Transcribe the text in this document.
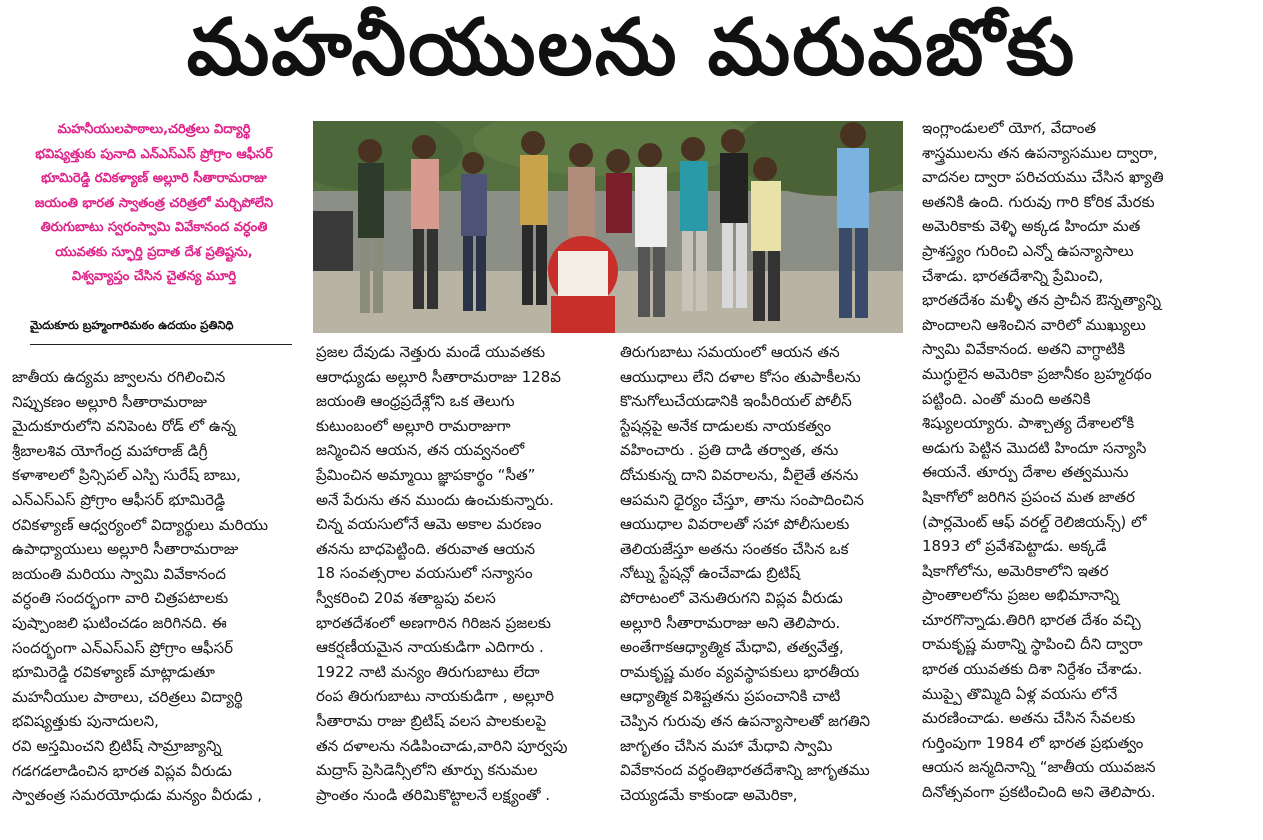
మహనీయులను మరువబోకు
మహనీయులపాఠాలు,చరిత్రలు విద్యార్థి
భవిష్యత్తుకు పునాది ఎన్ఎస్ఎస్ ప్రోగ్రాం ఆఫీసర్
భూమిరెడ్డి రవికళ్యాణ్ అల్లూరి సీతారామరాజు
జయంతి భారత స్వాతంత్ర చరిత్రలో మర్చిపోలేని
తిరుగుబాటు స్వరంస్వామి వివేకానంద వర్ధంతి
యువతకు స్ఫూర్తి ప్రదాత దేశ ప్రతిష్టను,
విశ్వవ్యాప్తం చేసిన చైతన్య మూర్తి
మైదుకూరు బ్రహ్మంగారిమఠం ఉదయం ప్రతినిధి

జాతీయ ఉద్యమ జ్వాలను రగిలించిన

నిప్పుకణం అల్లూరి సీతారామరాజు

మైదుకూరులోని వనిపెంట రోడ్ లో ఉన్న

శ్రీబాలశివ యోగేంద్ర మహారాజ్ డిగ్రీ

కళాశాలలో ప్రిన్సిపల్ ఎస్పి సురేష్ బాబు,

ఎన్ఎస్ఎస్ ప్రోగ్రాం ఆఫీసర్ భూమిరెడ్డి

రవికళ్యాణ్ ఆధ్వర్యంలో విద్యార్థులు మరియు

ఉపాధ్యాయులు అల్లూరి సీతారామరాజు

జయంతి మరియు స్వామి వివేకానంద

వర్ధంతి సందర్భంగా వారి చిత్రపటాలకు

పుష్పాంజలి ఘటించడం జరిగినది. ఈ

సందర్భంగా ఎన్ఎస్ఎస్ ప్రోగ్రాం ఆఫీసర్

భూమిరెడ్డి రవికళ్యాణ్ మాట్లాడుతూ

మహనీయుల పాఠాలు, చరిత్రలు విద్యార్థి

భవిష్యత్తుకు పునాదులని,

రవి అస్తమించని బ్రిటిష్ సామ్రాజ్యాన్ని

గడగడలాడించిన భారత విప్లవ వీరుడు

స్వాతంత్ర సమరయోధుడు మన్యం వీరుడు ,

ప్రజల దేవుడు నెత్తురు మండే యువతకు

ఆరాధ్యుడు అల్లూరి సీతారామరాజు 128వ

జయంతి ఆంధ్రప్రదేశ్లోని ఒక తెలుగు

కుటుంబంలో అల్లూరి రామరాజుగా

జన్మించిన ఆయన, తన యవ్వనంలో

ప్రేమించిన అమ్మాయి జ్ఞాపకార్థం “సీత”

అనే పేరును తన ముందు ఉంచుకున్నారు.

చిన్న వయసులోనే ఆమె అకాల మరణం

తనను బాధపెట్టింది. తరువాత ఆయన

18 సంవత్సరాల వయసులో సన్యాసం

స్వీకరించి 20వ శతాబ్దపు వలస

భారతదేశంలో అణగారిన గిరిజన ప్రజలకు

ఆకర్షణీయమైన నాయకుడిగా ఎదిగారు .

1922 నాటి మన్యం తిరుగుబాటు లేదా

రంప తిరుగుబాటు నాయకుడిగా , అల్లూరి

సీతారామ రాజు బ్రిటిష్ వలస పాలకులపై

తన దళాలను నడిపించాడు,వారిని పూర్వపు

మద్రాస్ ప్రెసిడెన్సీలోని తూర్పు కనుమల

ప్రాంతం నుండి తరిమికొట్టాలనే లక్ష్యంతో .

తిరుగుబాటు సమయంలో ఆయన తన

ఆయుధాలు లేని దళాల కోసం తుపాకీలను

కొనుగోలుచేయడానికి ఇంపీరియల్ పోలీస్

స్టేషన్లపై అనేక దాడులకు నాయకత్వం

వహించారు . ప్రతి దాడి తర్వాత, తను

దోచుకున్న దాని వివరాలను, వీలైతే తనను

ఆపమని ధైర్యం చేస్తూ, తాను సంపాదించిన

ఆయుధాల వివరాలతో సహా పోలీసులకు

తెలియజేస్తూ అతను సంతకం చేసిన ఒక

నోట్ను స్టేషన్లో ఉంచేవాడు బ్రిటిష్

పోరాటంలో వెనుతిరుగని విప్లవ వీరుడు

అల్లూరి సీతారామరాజు అని తెలిపారు.

అంతేగాకఆధ్యాత్మిక మేధావి, తత్వవేత్త,

రామకృష్ణ మఠం వ్యవస్థాపకులు భారతీయ

ఆధ్యాత్మిక విశిష్టతను ప్రపంచానికి చాటి

చెప్పిన గురువు తన ఉపన్యాసాలతో జగతిని

జాగృతం చేసిన మహా మేధావి స్వామి

వివేకానంద వర్ధంతిభారతదేశాన్ని జాగృతము

చెయ్యడమే కాకుండా అమెరికా,

ఇంగ్లాండులలో యోగ, వేదాంత

శాస్త్రములను తన ఉపన్యాసముల ద్వారా,

వాదనల ద్వారా పరిచయము చేసిన ఖ్యాతి

అతనికి ఉంది. గురువు గారి కోరిక మేరకు

అమెరికాకు వెళ్ళి అక్కడ హిందూ మత

ప్రాశస్త్యం గురించి ఎన్నో ఉపన్యాసాలు

చేశాడు. భారతదేశాన్ని ప్రేమించి,

భారతదేశం మళ్ళీ తన ప్రాచీన ఔన్నత్యాన్ని

పొందాలని ఆశించిన వారిలో ముఖ్యులు

స్వామి వివేకానంద. అతని వాగ్ధాటికి

ముగ్ధులైన అమెరికా ప్రజానీకం బ్రహ్మరథం

పట్టింది. ఎంతో మంది అతనికి

శిష్యులయ్యారు. పాశ్చాత్య దేశాలలోకి

అడుగు పెట్టిన మొదటి హిందూ సన్యాసి

ఈయనే. తూర్పు దేశాల తత్వమును

షికాగోలో జరిగిన ప్రపంచ మత జాతర

(పార్లమెంట్ ఆఫ్ వరల్డ్ రెలిజియన్స్) లో

1893 లో ప్రవేశపెట్టాడు. అక్కడే

షికాగోలోను, అమెరికాలోని ఇతర

ప్రాంతాలలోను ప్రజల అభిమానాన్ని

చూరగొన్నాడు.తిరిగి భారత దేశం వచ్చి

రామకృష్ణ మఠాన్ని స్థాపించి దీని ద్వారా

భారత యువతకు దిశా నిర్దేశం చేశాడు.

ముప్పై తొమ్మిది ఏళ్ల వయసు లోనే

మరణించాడు. అతను చేసిన సేవలకు

గుర్తింపుగా 1984 లో భారత ప్రభుత్వం

ఆయన జన్మదినాన్ని “జాతీయ యువజన

దినోత్సవంగా ప్రకటించింది అని తెలిపారు.
